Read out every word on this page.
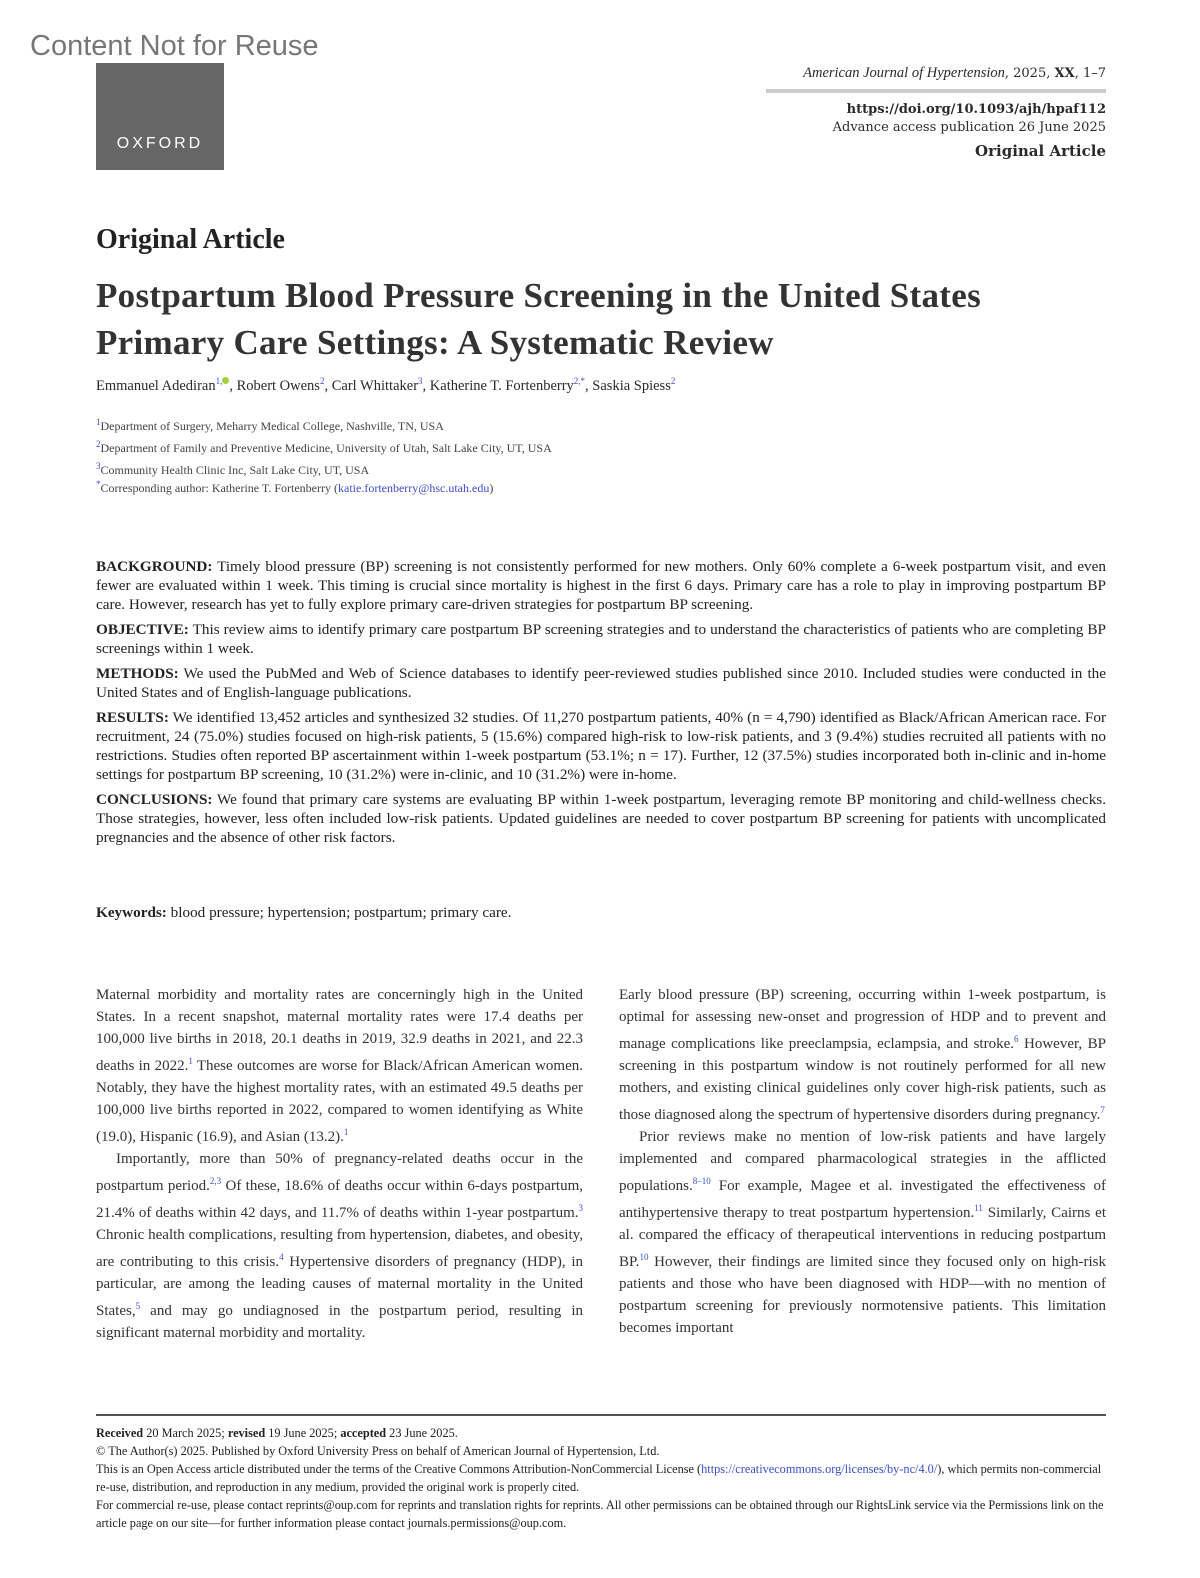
Content Not for Reuse
OXFORD
American Journal of Hypertension, 2025, XX, 1–7
https://doi.org/10.1093/ajh/hpaf112
Advance access publication 26 June 2025
Original Article
Original Article
Postpartum Blood Pressure Screening in the United States Primary Care Settings: A Systematic Review
Emmanuel Adediran$^{1,}$ , Robert Owens$^2$, Carl Whittaker$^3$, Katherine T. Fortenberry$^{2,*}$, Saskia Spiess$^2$
$^1$Department of Surgery, Meharry Medical College, Nashville, TN, USA
$^2$Department of Family and Preventive Medicine, University of Utah, Salt Lake City, UT, USA
$^3$Community Health Clinic Inc, Salt Lake City, UT, USA
*Corresponding author: Katherine T. Fortenberry (katie.fortenberry@hsc.utah.edu)

BACKGROUND: Timely blood pressure (BP) screening is not consistently performed for new mothers. Only 60% complete a 6-week postpartum visit, and even fewer are evaluated within 1 week. This timing is crucial since mortality is highest in the first 6 days. Primary care has a role to play in improving postpartum BP care. However, research has yet to fully explore primary care-driven strategies for postpartum BP screening.

OBJECTIVE: This review aims to identify primary care postpartum BP screening strategies and to understand the characteristics of patients who are completing BP screenings within 1 week.

METHODS: We used the PubMed and Web of Science databases to identify peer-reviewed studies published since 2010. Included studies were conducted in the United States and of English-language publications.

RESULTS: We identified 13,452 articles and synthesized 32 studies. Of 11,270 postpartum patients, 40% (n = 4,790) identified as Black/African American race. For recruitment, 24 (75.0%) studies focused on high-risk patients, 5 (15.6%) compared high-risk to low-risk patients, and 3 (9.4%) studies recruited all patients with no restrictions. Studies often reported BP ascertainment within 1-week postpartum (53.1%; n = 17). Further, 12 (37.5%) studies incorporated both in-clinic and in-home settings for postpartum BP screening, 10 (31.2%) were in-clinic, and 10 (31.2%) were in-home.

CONCLUSIONS: We found that primary care systems are evaluating BP within 1-week postpartum, leveraging remote BP monitoring and child-wellness checks. Those strategies, however, less often included low-risk patients. Updated guidelines are needed to cover postpartum BP screening for patients with uncomplicated pregnancies and the absence of other risk factors.

Keywords: blood pressure; hypertension; postpartum; primary care.

Maternal morbidity and mortality rates are concerningly high in the United States. In a recent snapshot, maternal mortality rates were 17.4 deaths per 100,000 live births in 2018, 20.1 deaths in 2019, 32.9 deaths in 2021, and 22.3 deaths in 2022.$^1$ These outcomes are worse for Black/African American women. Notably, they have the highest mortality rates, with an estimated 49.5 deaths per 100,000 live births reported in 2022, compared to women identifying as White (19.0), Hispanic (16.9), and Asian (13.2).$^1$

Importantly, more than 50% of pregnancy-related deaths occur in the postpartum period.$^{2,3}$ Of these, 18.6% of deaths occur within 6-days postpartum, 21.4% of deaths within 42 days, and 11.7% of deaths within 1-year postpartum.$^3$ Chronic health complications, resulting from hypertension, diabetes, and obesity, are contributing to this crisis.$^4$ Hypertensive disorders of pregnancy (HDP), in particular, are among the leading causes of maternal mortality in the United States,$^5$ and may go undiagnosed in the postpartum period, resulting in significant maternal morbidity and mortality.

Early blood pressure (BP) screening, occurring within 1-week postpartum, is optimal for assessing new-onset and progression of HDP and to prevent and manage complications like preeclampsia, eclampsia, and stroke.$^6$ However, BP screening in this postpartum window is not routinely performed for all new mothers, and existing clinical guidelines only cover high-risk patients, such as those diagnosed along the spectrum of hypertensive disorders during pregnancy.$^7$

Prior reviews make no mention of low-risk patients and have largely implemented and compared pharmacological strategies in the afflicted populations.$^{8-10}$ For example, Magee et al. investigated the effectiveness of antihypertensive therapy to treat postpartum hypertension.$^{11}$ Similarly, Cairns et al. compared the efficacy of therapeutical interventions in reducing postpartum BP.$^{10}$ However, their findings are limited since they focused only on high-risk patients and those who have been diagnosed with HDP—with no mention of postpartum screening for previously normotensive patients. This limitation becomes important

Received 20 March 2025; revised 19 June 2025; accepted 23 June 2025.
© The Author(s) 2025. Published by Oxford University Press on behalf of American Journal of Hypertension, Ltd.
This is an Open Access article distributed under the terms of the Creative Commons Attribution-NonCommercial License (https://creativecommons.org/licenses/by-nc/4.0/), which permits non-commercial re-use, distribution, and reproduction in any medium, provided the original work is properly cited.
For commercial re-use, please contact reprints@oup.com for reprints and translation rights for reprints. All other permissions can be obtained through our RightsLink service via the Permissions link on the article page on our site—for further information please contact journals.permissions@oup.com.
